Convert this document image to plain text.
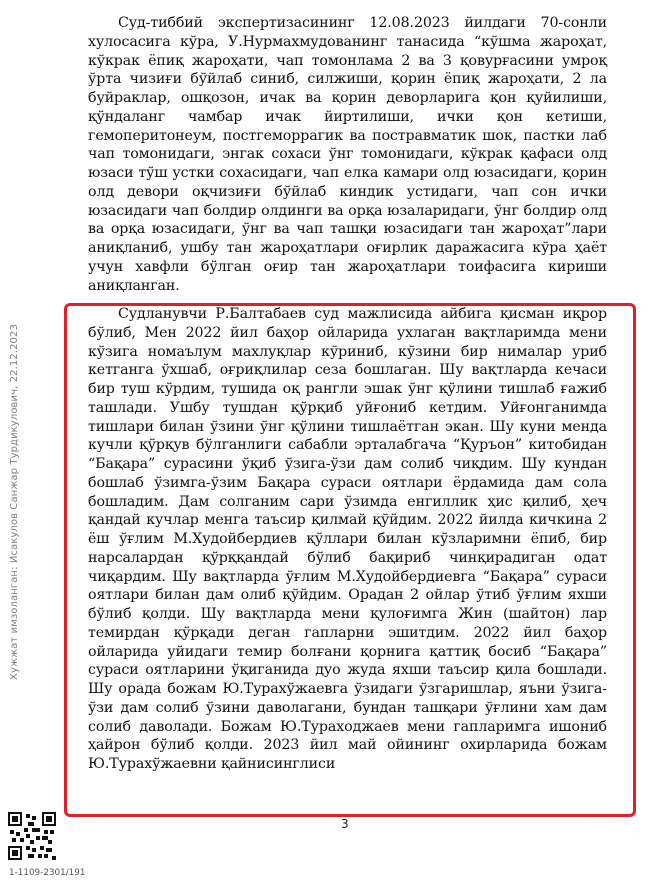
Суд-тиббий экспертизасининг 12.08.2023 йилдаги 70-сонли хулосасига кўра, У.Нурмахмудованинг танасида “кўшма жароҳат, кўкрак ёпиқ жароҳати, чап томонлама 2 ва 3 қовурғасини умроқ ўрта чизиғи бўйлаб синиб, силжиши, қорин ёпиқ жароҳати, 2 ла буйраклар, ошқозон, ичак ва қорин деворларига қон қуйилиши, қўндаланг чамбар ичак йиртилиши, ички қон кетиши, гемоперитонеум, постгеморрагик ва постравматик шок, пастки лаб чап томонидаги, энгак сохаси ўнг томонидаги, кўкрак қафаси олд юзаси тўш устки сохасидаги, чап елка камари олд юзасидаги, қорин олд девори оқчизиғи бўйлаб киндик устидаги, чап сон ички юзасидаги чап болдир олдинги ва орқа юзаларидаги, ўнг болдир олд ва орқа юзасидаги, ўнг ва чап ташқи юзасидаги тан жароҳат”лари аниқланиб, ушбу тан жароҳатлари оғирлик даражасига кўра ҳаёт учун хавфли бўлган оғир тан жароҳатлари тоифасига кириши аниқланган.
Судланувчи Р.Балтабаев суд мажлисида айбига қисман иқрор бўлиб, Мен 2022 йил баҳор ойларида ухлаган вақтларимда мени кўзига номаълум махлуқлар кўриниб, кўзини бир нималар уриб кетганга ўхшаб, оғриқлилар сеза бошлаган. Шу вақтларда кечаси бир туш кўрдим, тушида оқ рангли эшак ўнг қўлини тишлаб ғажиб ташлади. Ушбу тушдан қўрқиб уйғониб кетдим. Уйғонганимда тишлари билан ўзини ўнг қўлини тишлаётган экан. Шу куни менда кучли қўрқув бўлганлиги сабабли эрталабгача “Қуръон” китобидан “Бақара” сурасини ўқиб ўзига-ўзи дам солиб чиқдим. Шу кундан бошлаб ўзимга-ўзим Бақара сураси оятлари ёрдамида дам сола бошладим. Дам солганим сари ўзимда енгиллик ҳис қилиб, ҳеч қандай кучлар менга таъсир қилмай қўйдим. 2022 йилда кичкина 2 ёш ўғлим М.Худойбердиев қўллари билан кўзларимни ёпиб, бир нарсалардан қўрққандай бўлиб бақириб чинқирадиган одат чиқардим. Шу вақтларда ўғлим М.Худойбердиевга “Бақара” сураси оятлари билан дам олиб қўйдим. Орадан 2 ойлар ўтиб ўғлим яхши бўлиб қолди. Шу вақтларда мени қулоғимга Жин (шайтон) лар темирдан қўрқади деган гапларни эшитдим. 2022 йил баҳор ойларида уйидаги темир болғани қорнига қаттиқ босиб “Бақара” сураси оятларини ўқиганида дуо жуда яхши таъсир қила бошлади. Шу орада божам Ю.Турахўжаевга ўзидаги ўзгаришлар, яъни ўзига-ўзи дам солиб ўзини даволагани, бундан ташқари ўғлини хам дам солиб даволади. Божам Ю.Тураходжаев мени гапларимга ишониб ҳайрон бўлиб қолди. 2023 йил май ойининг охирларида божам Ю.Турахўжаевни қайнисинглиси
3
Хужжат имзоланган: Исакулов Санжар Турдикулович, 22.12.2023
1-1109-2301/191
